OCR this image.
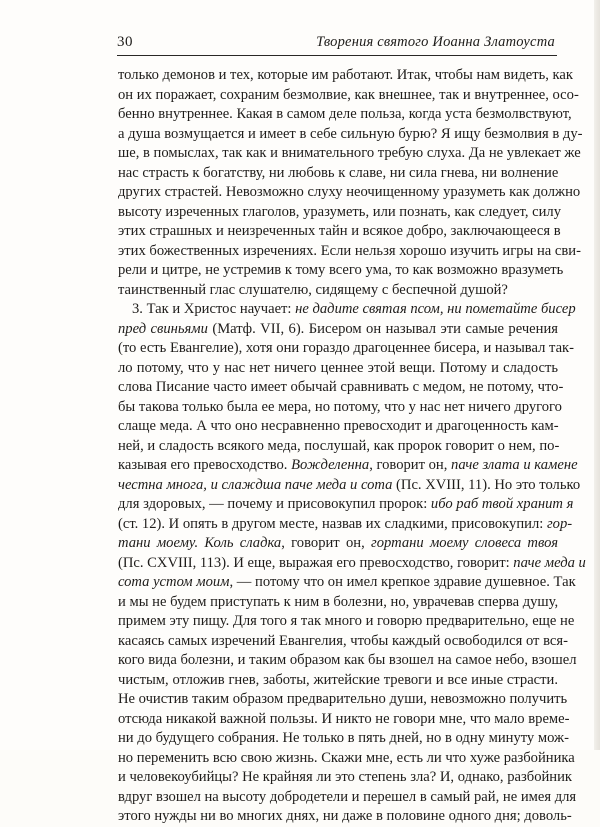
30	Творения святого Иоанна Златоуста

только демонов и тех, которые им работают. Итак, чтобы нам видеть, как
он их поражает, сохраним безмолвие, как внешнее, так и внутреннее, осо-
бенно внутреннее. Какая в самом деле польза, когда уста безмолвствуют,
а душа возмущается и имеет в себе сильную бурю? Я ищу безмолвия в ду-
ше, в помыслах, так как и внимательного требую слуха. Да не увлекает же
нас страсть к богатству, ни любовь к славе, ни сила гнева, ни волнение
других страстей. Невозможно слуху неочищенному уразуметь как должно
высоту изреченных глаголов, уразуметь, или познать, как следует, силу
этих страшных и неизреченных тайн и всякое добро, заключающееся в
этих божественных изречениях. Если нельзя хорошо изучить игры на сви-
рели и цитре, не устремив к тому всего ума, то как возможно вразуметь
таинственный глас слушателю, сидящему с беспечной душой?

3. Так и Христос научает: не дадите святая псом, ни пометайте бисер
пред свиньями (Матф. VII, 6). Бисером он называл эти самые речения
(то есть Евангелие), хотя они гораздо драгоценнее бисера, и называл так-
ло потому, что у нас нет ничего ценнее этой вещи. Потому и сладость
слова Писание часто имеет обычай сравнивать с медом, не потому, что-
бы такова только была ее мера, но потому, что у нас нет ничего другого
слаще меда. А что оно несравненно превосходит и драгоценность кам-
ней, и сладость всякого меда, послушай, как пророк говорит о нем, по-
казывая его превосходство. Вожделенна, говорит он, паче злата и камене
честна многа, и слаждша паче меда и сота (Пс. XVIII, 11). Но это только
для здоровых, — почему и присовокупил пророк: ибо раб твой хранит я
(ст. 12). И опять в другом месте, назвав их сладкими, присовокупил: гор-
тани моему. Коль сладка, говорит он, гортани моему словеса твоя
(Пс. CXVIII, 113). И еще, выражая его превосходство, говорит: паче меда и
сота устом моим, — потому что он имел крепкое здравие душевное. Так
и мы не будем приступать к ним в болезни, но, уврачевав сперва душу,
примем эту пищу. Для того я так много и говорю предварительно, еще не
касаясь самых изречений Евангелия, чтобы каждый освободился от вся-
кого вида болезни, и таким образом как бы взошел на самое небо, взошел
чистым, отложив гнев, заботы, житейские тревоги и все иные страсти.
Не очистив таким образом предварительно души, невозможно получить
отсюда никакой важной пользы. И никто не говори мне, что мало време-
ни до будущего собрания. Не только в пять дней, но в одну минуту мож-
но переменить всю свою жизнь. Скажи мне, есть ли что хуже разбойника
и человекоубийцы? Не крайняя ли это степень зла? И, однако, разбойник
вдруг взошел на высоту добродетели и перешел в самый рай, не имея для
этого нужды ни во многих днях, ни даже в половине одного дня; доволь-
